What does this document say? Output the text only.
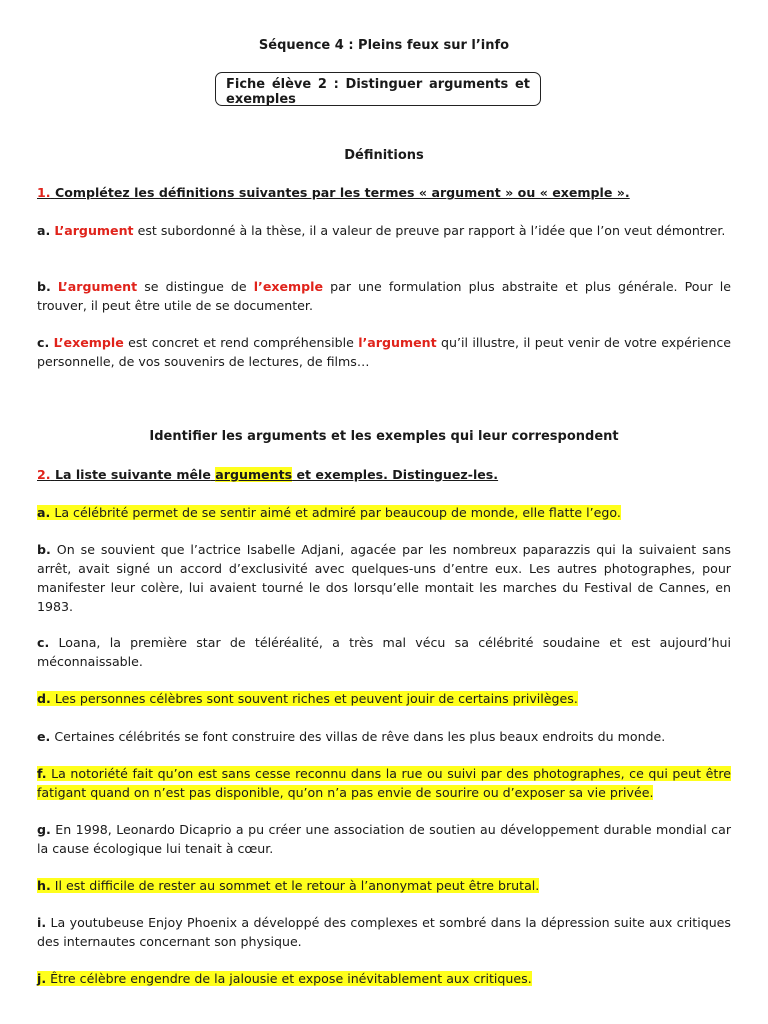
Séquence 4 : Pleins feux sur l’info
Fiche élève 2 : Distinguer arguments et exemples
Définitions
1. Complétez les définitions suivantes par les termes « argument » ou « exemple ».
a. L’argument est subordonné à la thèse, il a valeur de preuve par rapport à l’idée que l’on veut démontrer.
b. L’argument se distingue de l’exemple par une formulation plus abstraite et plus générale. Pour le trouver, il peut être utile de se documenter.
c. L’exemple est concret et rend compréhensible l’argument qu’il illustre, il peut venir de votre expérience personnelle, de vos souvenirs de lectures, de films…
Identifier les arguments et les exemples qui leur correspondent
2. La liste suivante mêle arguments et exemples. Distinguez-les.
a. La célébrité permet de se sentir aimé et admiré par beaucoup de monde, elle flatte l’ego.
b. On se souvient que l’actrice Isabelle Adjani, agacée par les nombreux paparazzis qui la suivaient sans arrêt, avait signé un accord d’exclusivité avec quelques-uns d’entre eux. Les autres photographes, pour manifester leur colère, lui avaient tourné le dos lorsqu’elle montait les marches du Festival de Cannes, en 1983.
c. Loana, la première star de téléréalité, a très mal vécu sa célébrité soudaine et est aujourd’hui méconnaissable.
d. Les personnes célèbres sont souvent riches et peuvent jouir de certains privilèges.
e. Certaines célébrités se font construire des villas de rêve dans les plus beaux endroits du monde.
f. La notoriété fait qu’on est sans cesse reconnu dans la rue ou suivi par des photographes, ce qui peut être fatigant quand on n’est pas disponible, qu’on n’a pas envie de sourire ou d’exposer sa vie privée.
g. En 1998, Leonardo Dicaprio a pu créer une association de soutien au développement durable mondial car la cause écologique lui tenait à cœur.
h. Il est difficile de rester au sommet et le retour à l’anonymat peut être brutal.
i. La youtubeuse Enjoy Phoenix a développé des complexes et sombré dans la dépression suite aux critiques des internautes concernant son physique.
j. Être célèbre engendre de la jalousie et expose inévitablement aux critiques.
